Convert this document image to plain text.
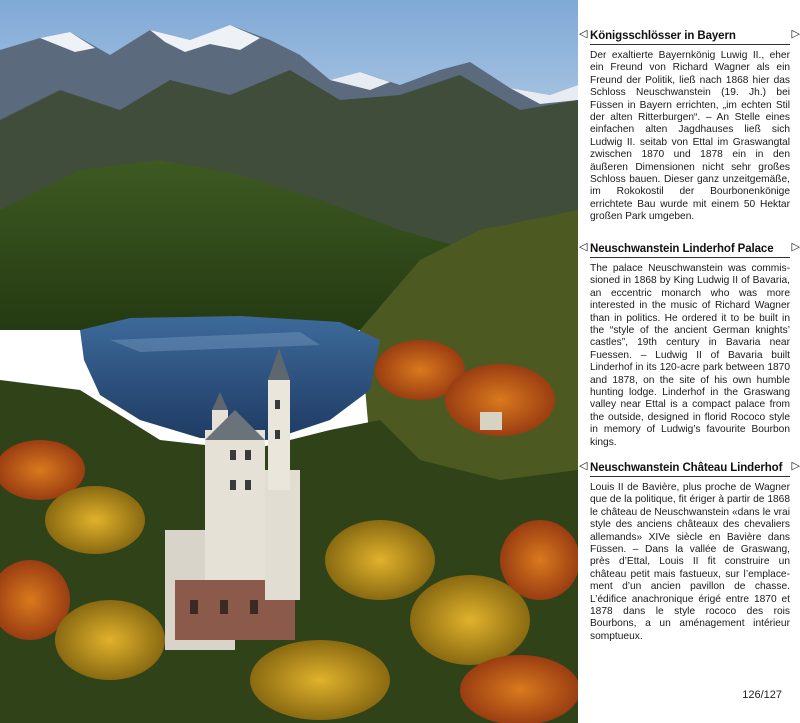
◁ Königsschlösser in Bayern	▷
Der exaltierte Bayernkönig Luwig II., eher ein Freund von Richard Wagner als ein Freund der Politik, ließ nach 1868 hier das Schloss Neuschwanstein (19. Jh.) bei Füssen in Bayern errichten, „im echten Stil der alten Ritterburgen“. – An Stelle eines einfachen alten Jagdhauses ließ sich Ludwig II. seitab von Ettal im Graswangtal zwischen 1870 und 1878 ein in den äußeren Dimensionen nicht sehr großes Schloss bauen. Dieser ganz unzeitgemäße, im Rokokostil der Bourbonenkönige errichtete Bau wurde mit einem 50 Hektar großen Park umgeben.
◁ Neuschwanstein Linderhof Palace ▷
The palace Neuschwanstein was commissioned in 1868 by King Ludwig II of Bavaria, an eccentric monarch who was more interested in the music of Richard Wagner than in politics. He ordered it to be built in the “style of the ancient German knights’ castles”, 19th century in Bavaria near Fuessen. – Ludwig II of Bavaria built Linderhof in its 120-acre park between 1870 and 1878, on the site of his own humble hunting lodge. Linderhof in the Graswang valley near Ettal is a compact palace from the outside, designed in florid Rococo style in memory of Ludwig’s favourite Bourbon kings.
◁ Neuschwanstein Château Linderhof ▷
Louis II de Bavière, plus proche de Wagner que de la politique, fit ériger à partir de 1868 le château de Neuschwanstein «dans le vrai style des anciens châteaux des chevaliers allemands» XIVe siècle en Bavière dans Füssen. – Dans la vallée de Graswang, près d’Ettal, Louis II fit construire un château petit mais fastueux, sur l’emplacement d’un ancien pavillon de chasse. L’édifice anachronique érigé entre 1870 et 1878 dans le style rococo des rois Bourbons, a un aménagement intérieur somptueux.
126/127
